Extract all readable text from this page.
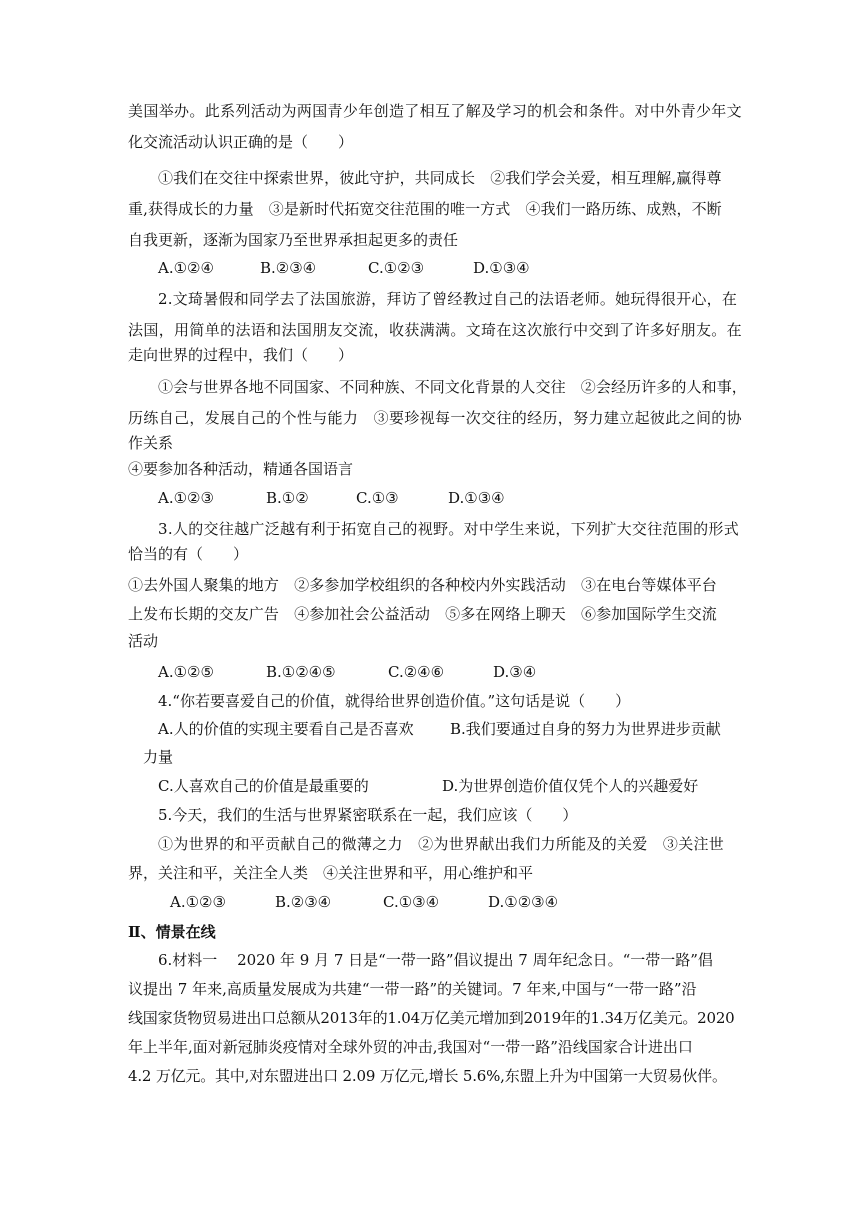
美国举办。此系列活动为两国青少年创造了相互了解及学习的机会和条件。对中外青少年文
化交流活动认识正确的是（　　）
①我们在交往中探索世界，彼此守护，共同成长　②我们学会关爱，相互理解,赢得尊
重,获得成长的力量　③是新时代拓宽交往范围的唯一方式　④我们一路历练、成熟，不断
自我更新，逐渐为国家乃至世界承担起更多的责任
A.①②④	B.②③④	C.①②③	D.①③④
2.文琦暑假和同学去了法国旅游，拜访了曾经教过自己的法语老师。她玩得很开心，在
法国，用简单的法语和法国朋友交流，收获满满。文琦在这次旅行中交到了许多好朋友。在
走向世界的过程中，我们（　　）
①会与世界各地不同国家、不同种族、不同文化背景的人交往　②会经历许多的人和事，
历练自己，发展自己的个性与能力　③要珍视每一次交往的经历，努力建立起彼此之间的协
作关系
④要参加各种活动，精通各国语言
A.①②③	B.①②	C.①③	D.①③④
3.人的交往越广泛越有利于拓宽自己的视野。对中学生来说，下列扩大交往范围的形式
恰当的有（　　）
①去外国人聚集的地方　②多参加学校组织的各种校内外实践活动　③在电台等媒体平台
上发布长期的交友广告　④参加社会公益活动　⑤多在网络上聊天　⑥参加国际学生交流
活动
A.①②⑤	B.①②④⑤	C.②④⑥	D.③④
4.“你若要喜爱自己的价值，就得给世界创造价值。”这句话是说（　　）
A.人的价值的实现主要看自己是否喜欢 B.我们要通过自身的努力为世界进步贡献
力量
C.人喜欢自己的价值是最重要的	D.为世界创造价值仅凭个人的兴趣爱好
5.今天，我们的生活与世界紧密联系在一起，我们应该（　　）
①为世界的和平贡献自己的微薄之力　②为世界献出我们力所能及的关爱　③关注世
界，关注和平，关注全人类　④关注世界和平，用心维护和平
A.①②③	B.②③④	C.①③④	D.①②③④
Ⅱ、情景在线
6.材料一　 2020 年 9 月 7 日是“一带一路”倡议提出 7 周年纪念日。“一带一路”倡
议提出 7 年来,高质量发展成为共建“一带一路”的关键词。7 年来,中国与“一带一路”沿
线国家货物贸易进出口总额从2013年的1.04万亿美元增加到2019年的1.34万亿美元。2020
年上半年,面对新冠肺炎疫情对全球外贸的冲击,我国对“一带一路”沿线国家合计进出口
4.2 万亿元。其中,对东盟进出口 2.09 万亿元,增长 5.6%,东盟上升为中国第一大贸易伙伴。
